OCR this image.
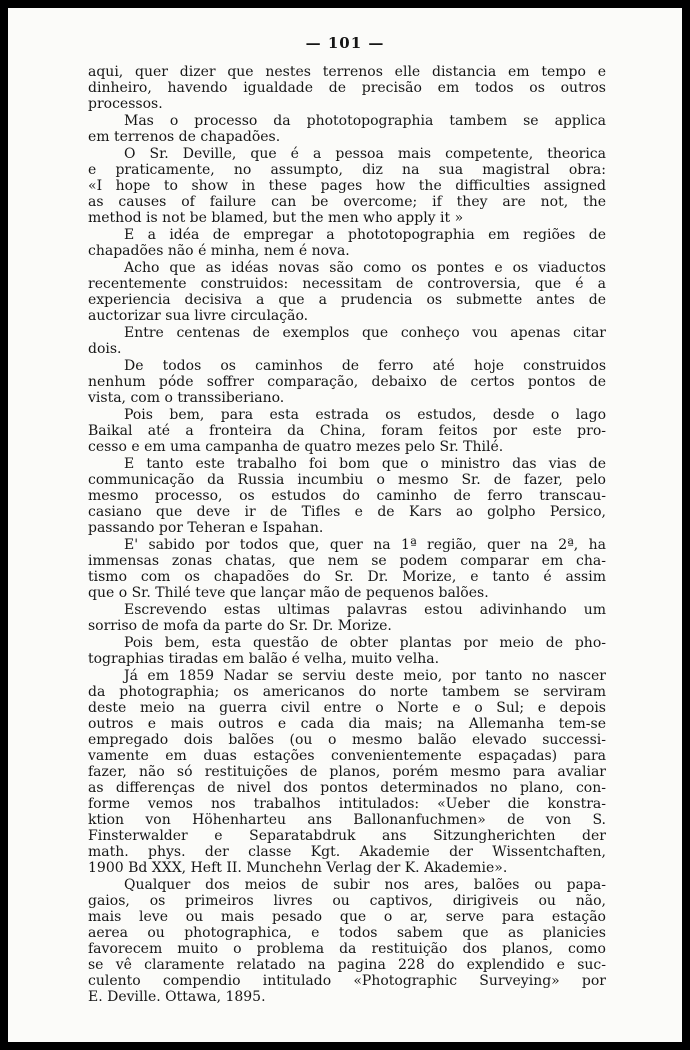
— 101 —
aqui, quer dizer que nestes terrenos elle distancia em tempo e
dinheiro, havendo igualdade de precisão em todos os outros
processos.
Mas o processo da phototopographia tambem se applica
em terrenos de chapadões.
O Sr. Deville, que é a pessoa mais competente, theorica
e praticamente, no assumpto, diz na sua magistral obra:
«I hope to show in these pages how the difficulties assigned
as causes of failure can be overcome; if they are not, the
method is not be blamed, but the men who apply it »
E a idéa de empregar a phototopographia em regiões de
chapadões não é minha, nem é nova.
Acho que as idéas novas são como os pontes e os viaductos
recentemente construidos: necessitam de controversia, que é a
experiencia decisiva a que a prudencia os submette antes de
auctorizar sua livre circulação.
Entre centenas de exemplos que conheço vou apenas citar
dois.
De todos os caminhos de ferro até hoje construidos
nenhum póde soffrer comparação, debaixo de certos pontos de
vista, com o transsiberiano.
Pois bem, para esta estrada os estudos, desde o lago
Baikal até a fronteira da China, foram feitos por este pro-
cesso e em uma campanha de quatro mezes pelo Sr. Thilé.
E tanto este trabalho foi bom que o ministro das vias de
communicação da Russia incumbiu o mesmo Sr. de fazer, pelo
mesmo processo, os estudos do caminho de ferro transcau-
casiano que deve ir de Tifles e de Kars ao golpho Persico,
passando por Teheran e Ispahan.
E' sabido por todos que, quer na 1ª região, quer na 2ª, ha
immensas zonas chatas, que nem se podem comparar em cha-
tismo com os chapadões do Sr. Dr. Morize, e tanto é assim
que o Sr. Thilé teve que lançar mão de pequenos balões.
Escrevendo estas ultimas palavras estou adivinhando um
sorriso de mofa da parte do Sr. Dr. Morize.
Pois bem, esta questão de obter plantas por meio de pho-
tographias tiradas em balão é velha, muito velha.
Já em 1859 Nadar se serviu deste meio, por tanto no nascer
da photographia; os americanos do norte tambem se serviram
deste meio na guerra civil entre o Norte e o Sul; e depois
outros e mais outros e cada dia mais; na Allemanha tem-se
empregado dois balões (ou o mesmo balão elevado successi-
vamente em duas estações convenientemente espaçadas) para
fazer, não só restituições de planos, porém mesmo para avaliar
as differenças de nivel dos pontos determinados no plano, con-
forme vemos nos trabalhos intitulados: «Ueber die konstra-
ktion von Höhenharteu ans Ballonanfuchmen» de von S.
Finsterwalder e Separatabdruk ans Sitzungherichten der
math. phys. der classe Kgt. Akademie der Wissentchaften,
1900 Bd XXX, Heft II. Munchehn Verlag der K. Akademie».
Qualquer dos meios de subir nos ares, balões ou papa-
gaios, os primeiros livres ou captivos, dirigiveis ou não,
mais leve ou mais pesado que o ar, serve para estação
aerea ou photographica, e todos sabem que as planicies
favorecem muito o problema da restituição dos planos, como
se vê claramente relatado na pagina 228 do explendido e suc-
culento compendio intitulado «Photographic Surveying» por
E. Deville. Ottawa, 1895.
